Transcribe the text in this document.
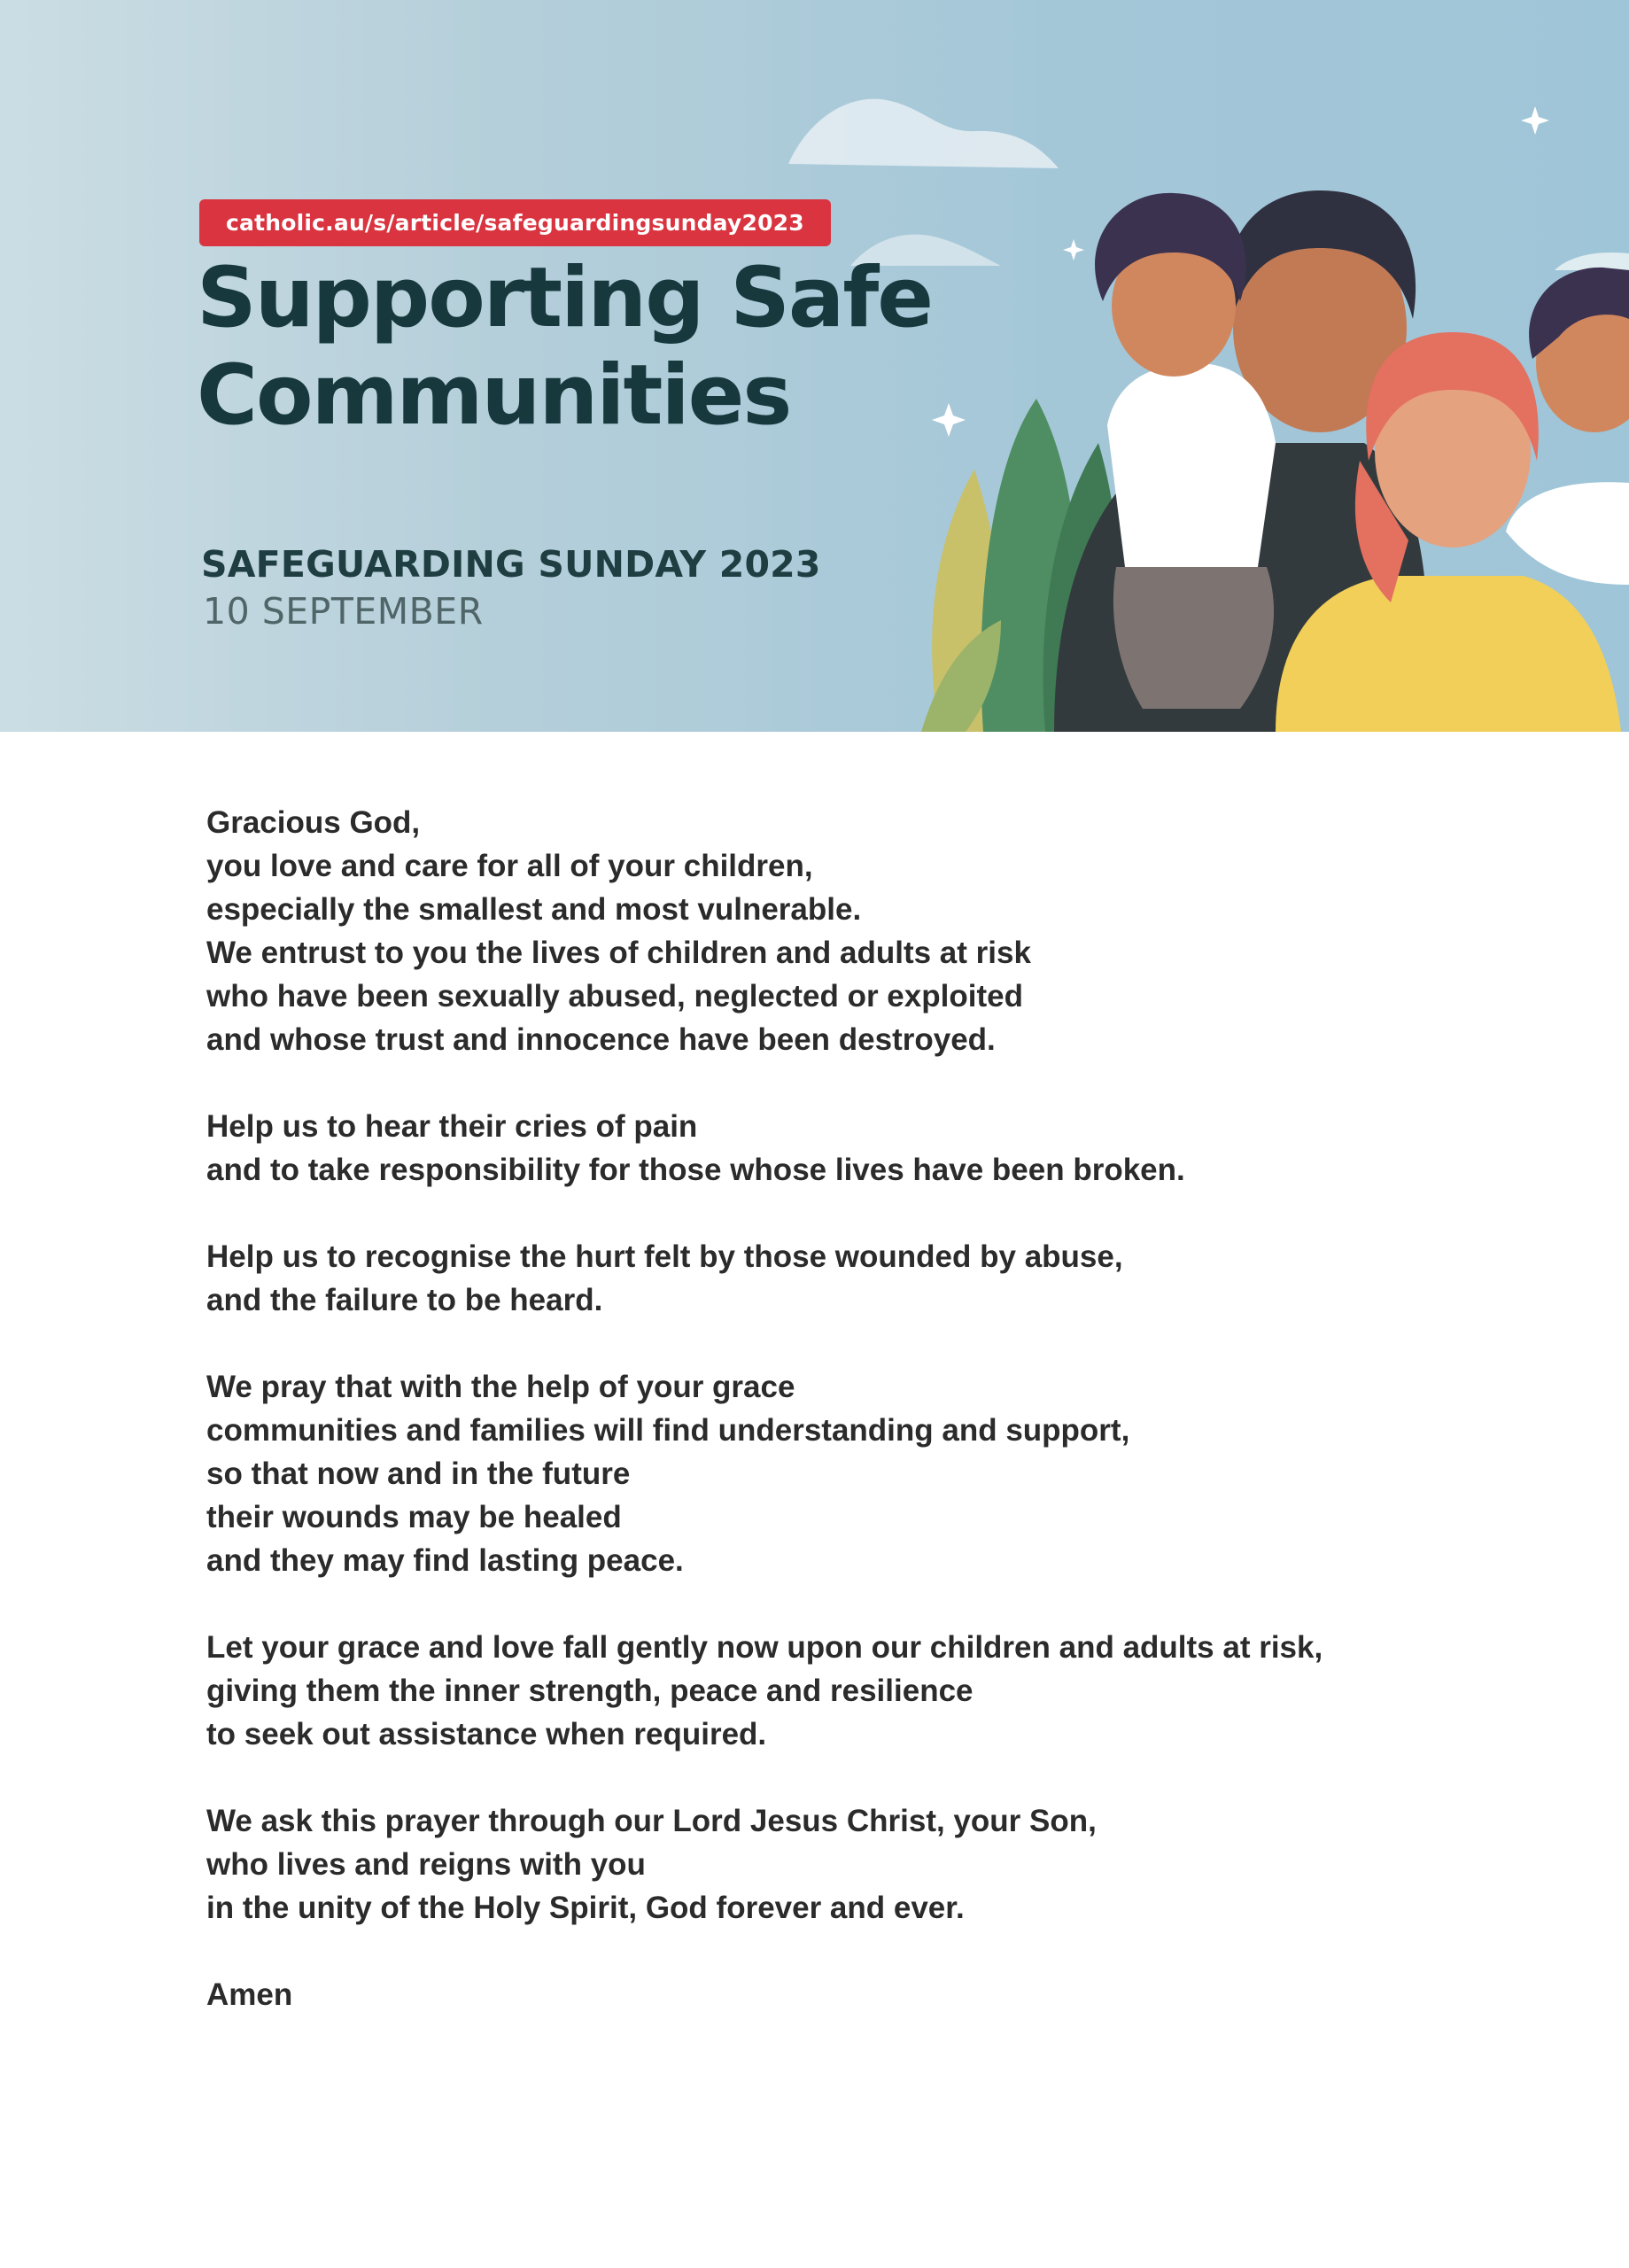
catholic.au/s/article/safeguardingsunday2023
Supporting Safe
Communities

SAFEGUARDING SUNDAY 2023

10 SEPTEMBER

Gracious God,
you love and care for all of your children,
especially the smallest and most vulnerable.
We entrust to you the lives of children and adults at risk
who have been sexually abused, neglected or exploited
and whose trust and innocence have been destroyed.

Help us to hear their cries of pain
and to take responsibility for those whose lives have been broken.

Help us to recognise the hurt felt by those wounded by abuse,
and the failure to be heard.

We pray that with the help of your grace
communities and families will find understanding and support,
so that now and in the future
their wounds may be healed
and they may find lasting peace.

Let your grace and love fall gently now upon our children and adults at risk,
giving them the inner strength, peace and resilience
to seek out assistance when required.

We ask this prayer through our Lord Jesus Christ, your Son,
who lives and reigns with you
in the unity of the Holy Spirit, God forever and ever.

Amen
